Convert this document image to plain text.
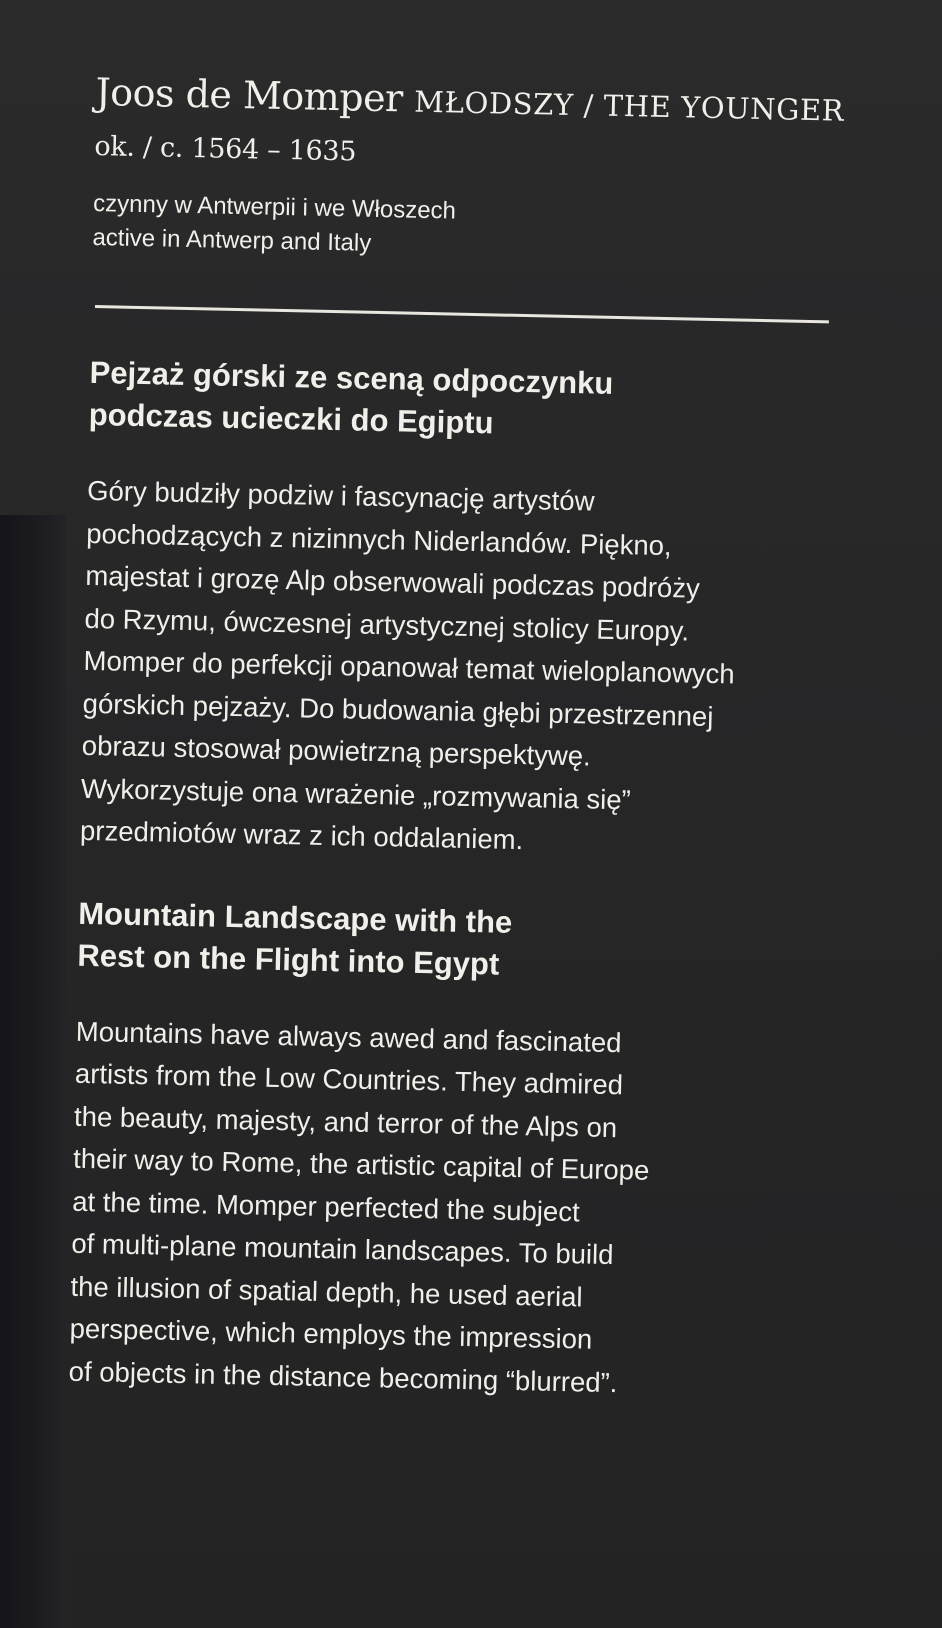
Joos de Momper MŁODSZY / THE YOUNGER

ok. / c. 1564 – 1635

czynny w Antwerpii i we Włoszech
active in Antwerp and Italy

Pejzaż górski ze sceną odpoczynku
podczas ucieczki do Egiptu

Góry budziły podziw i fascynację artystów
pochodzących z nizinnych Niderlandów. Piękno,
majestat i grozę Alp obserwowali podczas podróży
do Rzymu, ówczesnej artystycznej stolicy Europy.
Momper do perfekcji opanował temat wieloplanowych
górskich pejzaży. Do budowania głębi przestrzennej
obrazu stosował powietrzną perspektywę.
Wykorzystuje ona wrażenie „rozmywania się”
przedmiotów wraz z ich oddalaniem.

Mountain Landscape with the
Rest on the Flight into Egypt

Mountains have always awed and fascinated
artists from the Low Countries. They admired
the beauty, majesty, and terror of the Alps on
their way to Rome, the artistic capital of Europe
at the time. Momper perfected the subject
of multi-plane mountain landscapes. To build
the illusion of spatial depth, he used aerial
perspective, which employs the impression
of objects in the distance becoming “blurred”.
